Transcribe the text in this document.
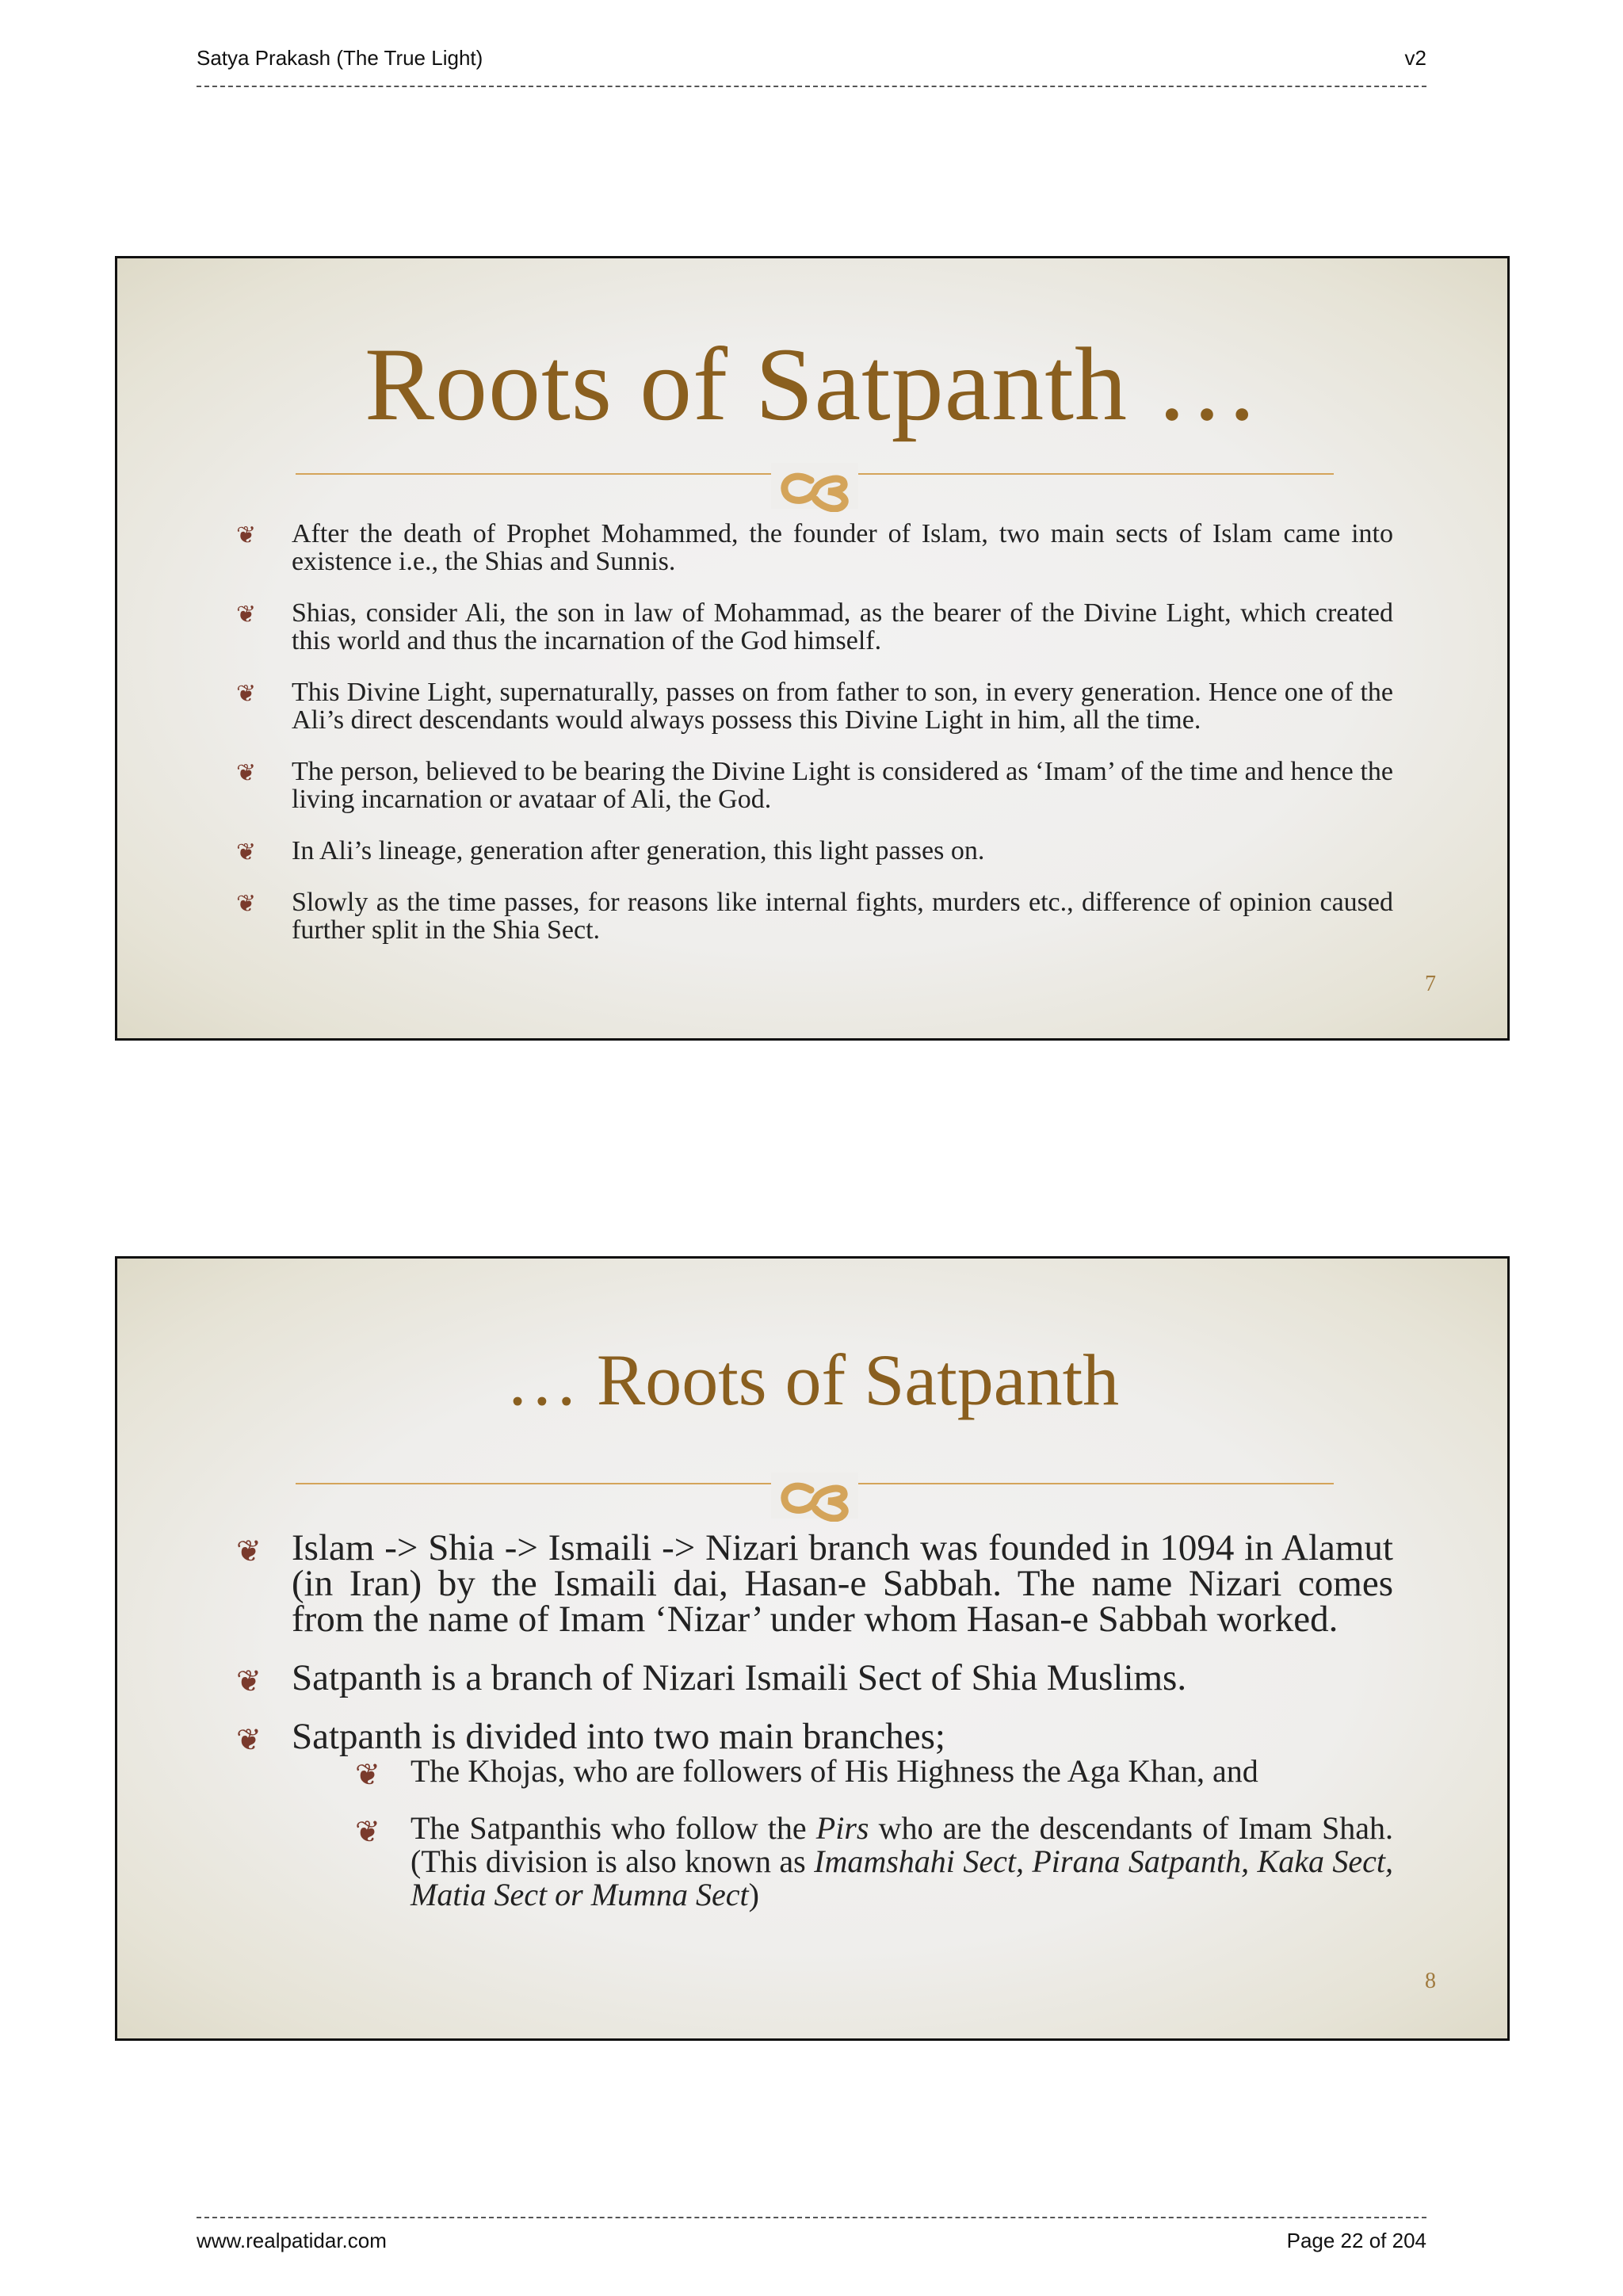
Satya Prakash (The True Light)	v2
Roots of Satpanth …
❦ After the death of Prophet Mohammed, the founder of Islam, two main sects of Islam came into existence i.e., the Shias and Sunnis.
❦ Shias, consider Ali, the son in law of Mohammad, as the bearer of the Divine Light, which created this world and thus the incarnation of the God himself.
❦ This Divine Light, supernaturally, passes on from father to son, in every generation. Hence one of the Ali’s direct descendants would always possess this Divine Light in him, all the time.
❦ The person, believed to be bearing the Divine Light is considered as ‘Imam’ of the time and hence the living incarnation or avataar of Ali, the God.
❦ In Ali’s lineage, generation after generation, this light passes on.
❦ Slowly as the time passes, for reasons like internal fights, murders etc., difference of opinion caused further split in the Shia Sect.
7
… Roots of Satpanth
❦ Islam -> Shia -> Ismaili -> Nizari branch was founded in 1094 in Alamut (in Iran) by the Ismaili dai, Hasan-e Sabbah. The name Nizari comes from the name of Imam ‘Nizar’ under whom Hasan-e Sabbah worked.
❦ Satpanth is a branch of Nizari Ismaili Sect of Shia Muslims.
❦ Satpanth is divided into two main branches;
❦ The Khojas, who are followers of His Highness the Aga Khan, and
❦ The Satpanthis who follow the Pirs who are the descendants of Imam Shah. (This division is also known as Imamshahi Sect, Pirana Satpanth, Kaka Sect, Matia Sect or Mumna Sect)
8
www.realpatidar.com	Page 22 of 204
